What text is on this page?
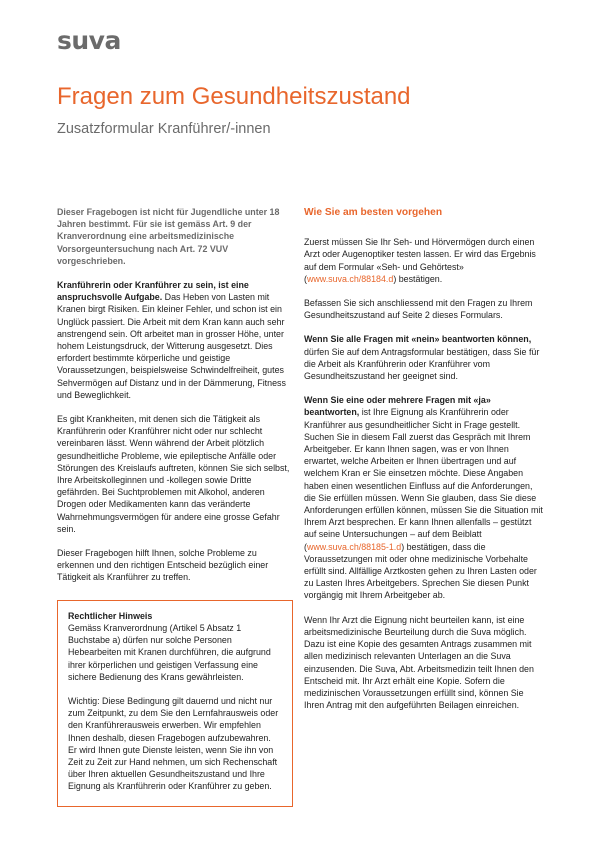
suva
Fragen zum Gesundheitszustand
Zusatzformular Kranführer/-innen

Dieser Fragebogen ist nicht für Jugendliche unter 18 Jahren bestimmt. Für sie ist gemäss Art. 9 der Kranverordnung eine arbeitsmedizinische Vorsorgeuntersuchung nach Art. 72 VUV vorgeschrieben.

Kranführerin oder Kranführer zu sein, ist eine anspruchsvolle Aufgabe. Das Heben von Lasten mit Kranen birgt Risiken. Ein kleiner Fehler, und schon ist ein Unglück passiert. Die Arbeit mit dem Kran kann auch sehr anstrengend sein. Oft arbeitet man in grosser Höhe, unter hohem Leistungsdruck, der Witterung ausgesetzt. Dies erfordert bestimmte körperliche und geistige Voraussetzungen, beispielsweise Schwindelfreiheit, gutes Sehvermögen auf Distanz und in der Dämmerung, Fitness und Beweglichkeit.

Es gibt Krankheiten, mit denen sich die Tätigkeit als Kranführerin oder Kranführer nicht oder nur schlecht vereinbaren lässt. Wenn während der Arbeit plötzlich gesundheitliche Probleme, wie epileptische Anfälle oder Störungen des Kreislaufs auftreten, können Sie sich selbst, Ihre Arbeitskolleginnen und -kollegen sowie Dritte gefährden. Bei Suchtproblemen mit Alkohol, anderen Drogen oder Medikamenten kann das veränderte Wahrnehmungsvermögen für andere eine grosse Gefahr sein.

Dieser Fragebogen hilft Ihnen, solche Probleme zu erkennen und den richtigen Entscheid bezüglich einer Tätigkeit als Kranführer zu treffen.

Rechtlicher Hinweis
Gemäss Kranverordnung (Artikel 5 Absatz 1 Buchstabe a) dürfen nur solche Personen Hebearbeiten mit Kranen durchführen, die aufgrund ihrer körperlichen und geistigen Verfassung eine sichere Bedienung des Krans gewährleisten.

Wichtig: Diese Bedingung gilt dauernd und nicht nur zum Zeitpunkt, zu dem Sie den Lernfahrausweis oder den Kranführerausweis erwerben. Wir empfehlen Ihnen deshalb, diesen Fragebogen aufzubewahren. Er wird Ihnen gute Dienste leisten, wenn Sie ihn von Zeit zu Zeit zur Hand nehmen, um sich Rechenschaft über Ihren aktuellen Gesundheitszustand und Ihre Eignung als Kranführerin oder Kranführer zu geben.

Wie Sie am besten vorgehen

Zuerst müssen Sie Ihr Seh- und Hörvermögen durch einen Arzt oder Augenoptiker testen lassen. Er wird das Ergebnis auf dem Formular «Seh- und Gehörtest» (www.suva.ch/88184.d) bestätigen.

Befassen Sie sich anschliessend mit den Fragen zu Ihrem Gesundheitszustand auf Seite 2 dieses Formulars.

Wenn Sie alle Fragen mit «nein» beantworten können, dürfen Sie auf dem Antragsformular bestätigen, dass Sie für die Arbeit als Kranführerin oder Kranführer vom Gesundheitszustand her geeignet sind.

Wenn Sie eine oder mehrere Fragen mit «ja» beantworten, ist Ihre Eignung als Kranführerin oder Kranführer aus gesundheitlicher Sicht in Frage gestellt. Suchen Sie in diesem Fall zuerst das Gespräch mit Ihrem Arbeitgeber. Er kann Ihnen sagen, was er von Ihnen erwartet, welche Arbeiten er Ihnen übertragen und auf welchem Kran er Sie einsetzen möchte. Diese Angaben haben einen wesentlichen Einfluss auf die Anforderungen, die Sie erfüllen müssen. Wenn Sie glauben, dass Sie diese Anforderungen erfüllen können, müssen Sie die Situation mit Ihrem Arzt besprechen. Er kann Ihnen allenfalls – gestützt auf seine Untersuchungen – auf dem Beiblatt (www.suva.ch/88185-1.d) bestätigen, dass die Voraussetzungen mit oder ohne medizinische Vorbehalte erfüllt sind. Allfällige Arztkosten gehen zu Ihren Lasten oder zu Lasten Ihres Arbeitgebers. Sprechen Sie diesen Punkt vorgängig mit Ihrem Arbeitgeber ab.

Wenn Ihr Arzt die Eignung nicht beurteilen kann, ist eine arbeitsmedizinische Beurteilung durch die Suva möglich. Dazu ist eine Kopie des gesamten Antrags zusammen mit allen medizinisch relevanten Unterlagen an die Suva einzusenden. Die Suva, Abt. Arbeitsmedizin teilt Ihnen den Entscheid mit. Ihr Arzt erhält eine Kopie. Sofern die medizinischen Voraussetzungen erfüllt sind, können Sie Ihren Antrag mit den aufgeführten Beilagen einreichen.
